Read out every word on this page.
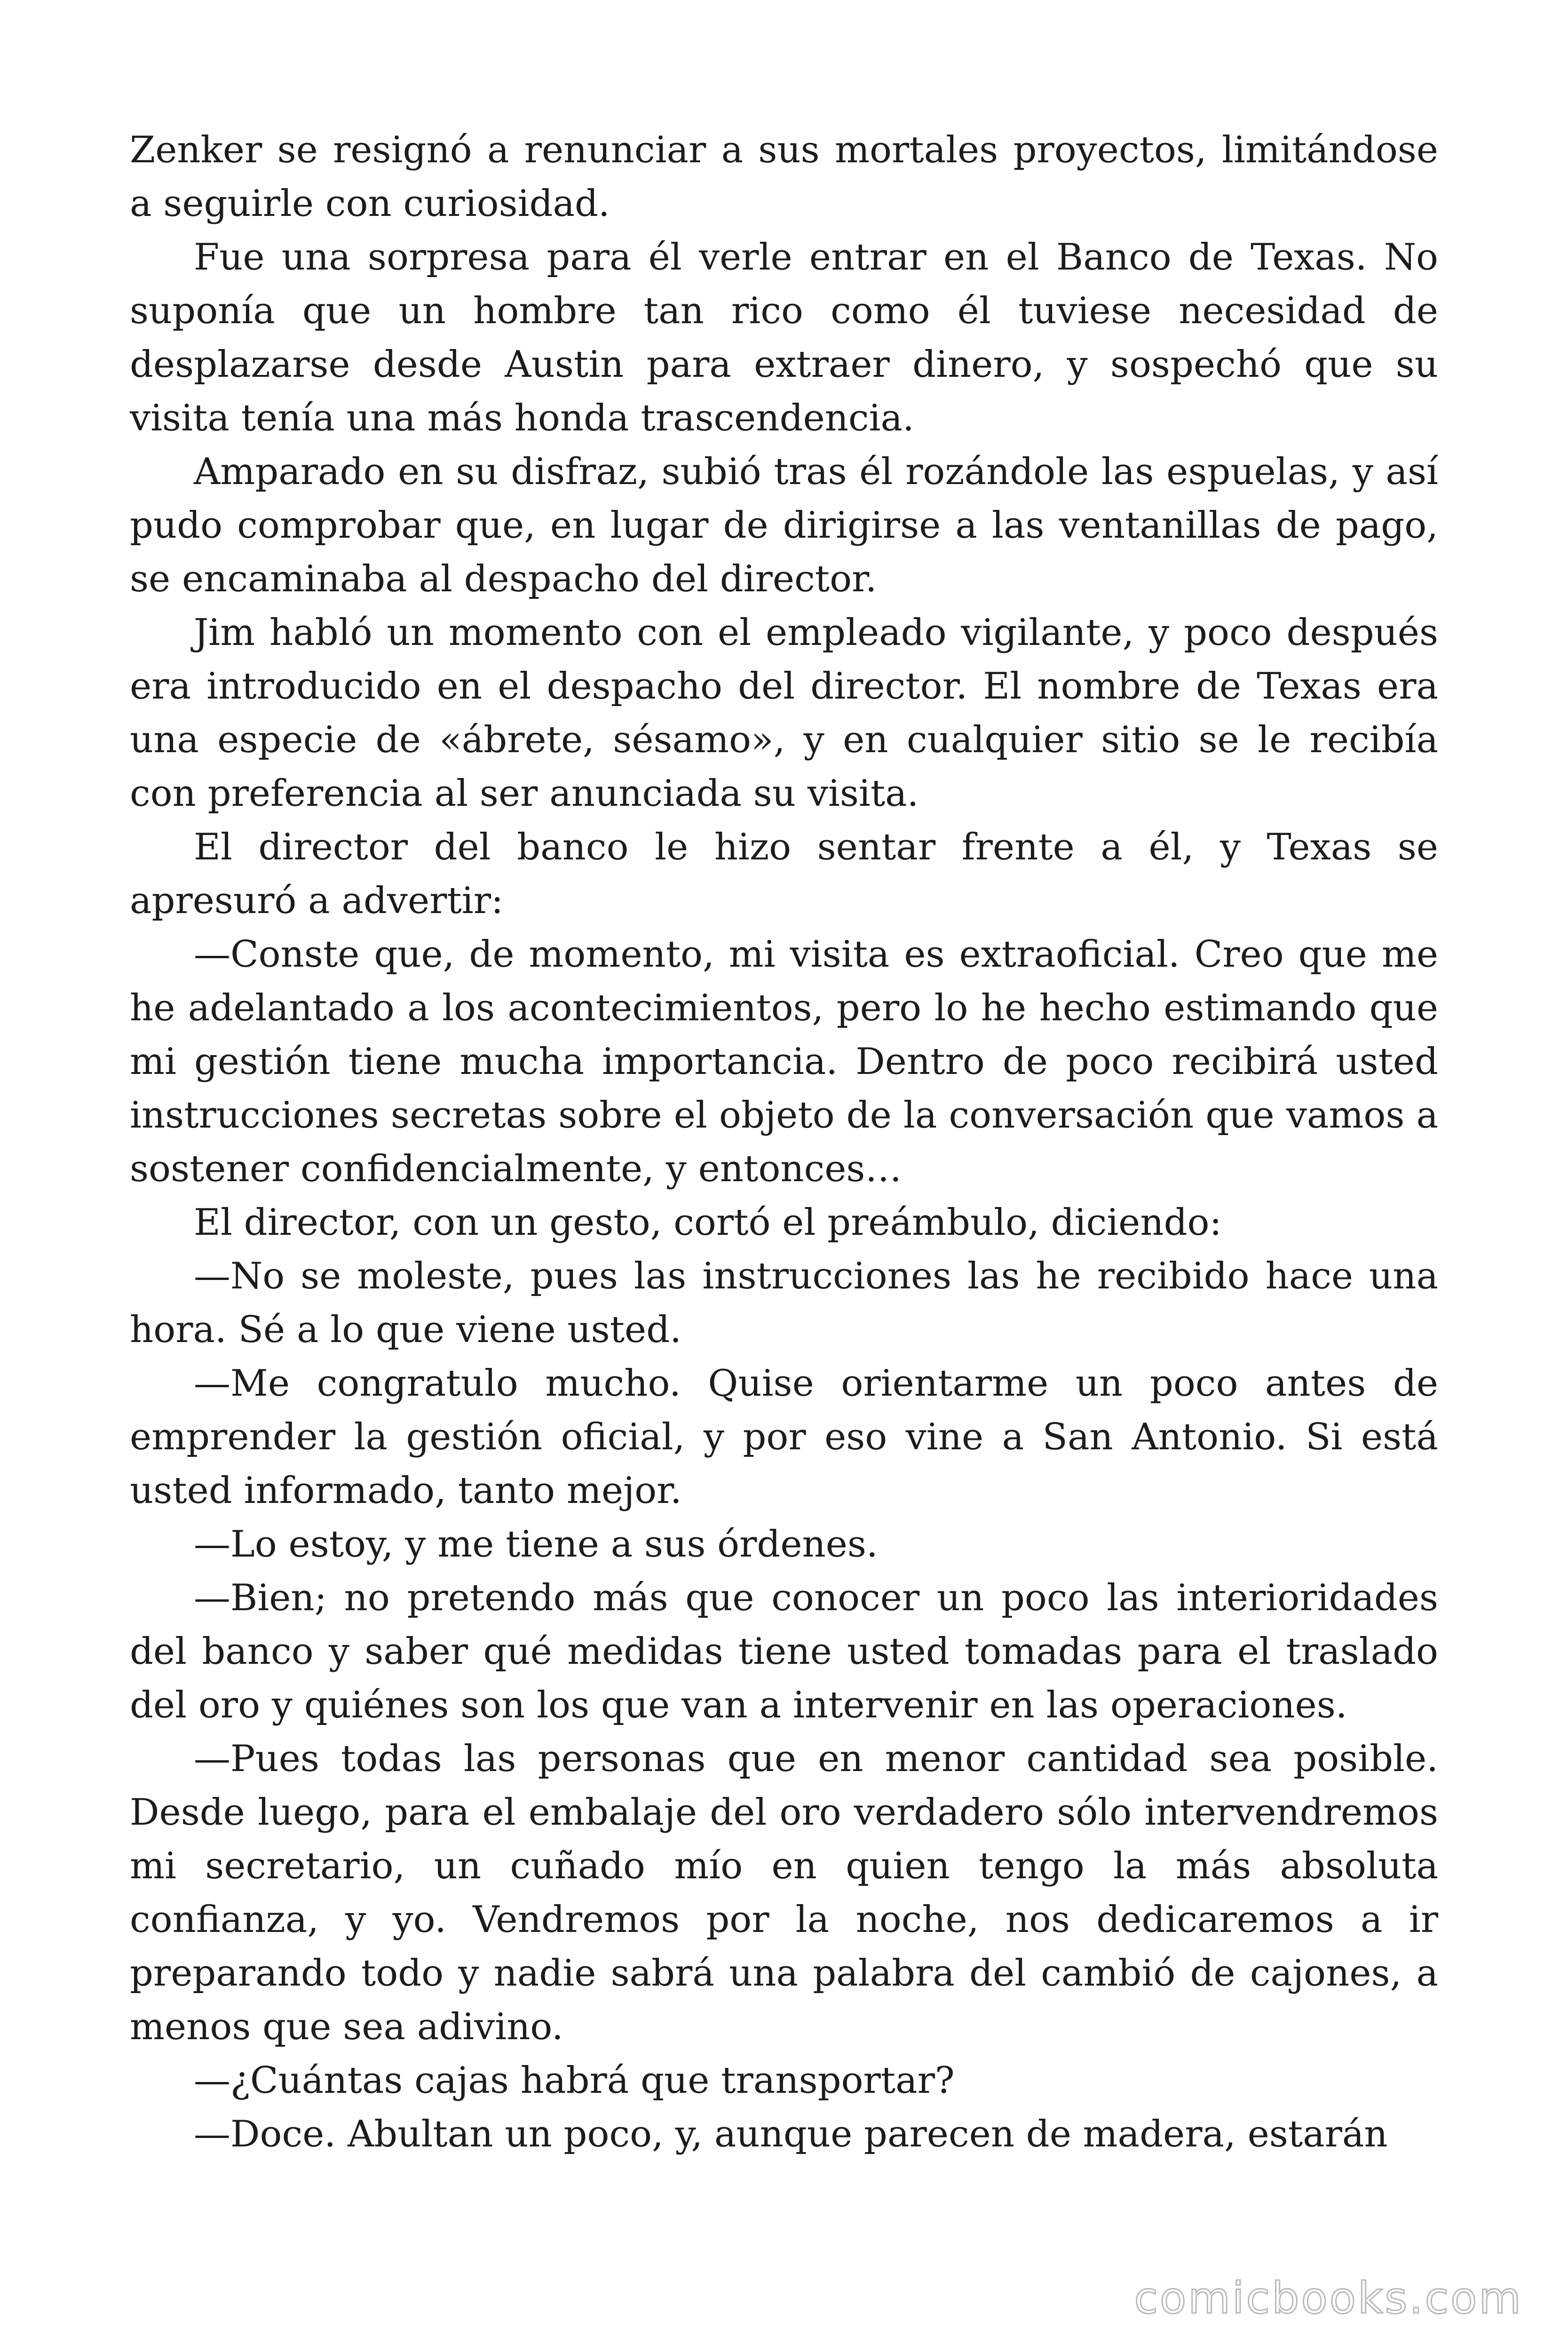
Zenker se resignó a renunciar a sus mortales proyectos, limitándose a seguirle con curiosidad.

Fue una sorpresa para él verle entrar en el Banco de Texas. No suponía que un hombre tan rico como él tuviese necesidad de desplazarse desde Austin para extraer dinero, y sospechó que su visita tenía una más honda trascendencia.

Amparado en su disfraz, subió tras él rozándole las espuelas, y así pudo comprobar que, en lugar de dirigirse a las ventanillas de pago, se encaminaba al despacho del director.

Jim habló un momento con el empleado vigilante, y poco después era introducido en el despacho del director. El nombre de Texas era una especie de «ábrete, sésamo», y en cualquier sitio se le recibía con preferencia al ser anunciada su visita.

El director del banco le hizo sentar frente a él, y Texas se apresuró a advertir:

—Conste que, de momento, mi visita es extraoficial. Creo que me he adelantado a los acontecimientos, pero lo he hecho estimando que mi gestión tiene mucha importancia. Dentro de poco recibirá usted instrucciones secretas sobre el objeto de la conversación que vamos a sostener confidencialmente, y entonces…

El director, con un gesto, cortó el preámbulo, diciendo:

—No se moleste, pues las instrucciones las he recibido hace una hora. Sé a lo que viene usted.

—Me congratulo mucho. Quise orientarme un poco antes de emprender la gestión oficial, y por eso vine a San Antonio. Si está usted informado, tanto mejor.

—Lo estoy, y me tiene a sus órdenes.

—Bien; no pretendo más que conocer un poco las interioridades del banco y saber qué medidas tiene usted tomadas para el traslado del oro y quiénes son los que van a intervenir en las operaciones.

—Pues todas las personas que en menor cantidad sea posible. Desde luego, para el embalaje del oro verdadero sólo intervendremos mi secretario, un cuñado mío en quien tengo la más absoluta confianza, y yo. Vendremos por la noche, nos dedicaremos a ir preparando todo y nadie sabrá una palabra del cambió de cajones, a menos que sea adivino.

—¿Cuántas cajas habrá que transportar?

—Doce. Abultan un poco, y, aunque parecen de madera, estarán

comicbooks.com
